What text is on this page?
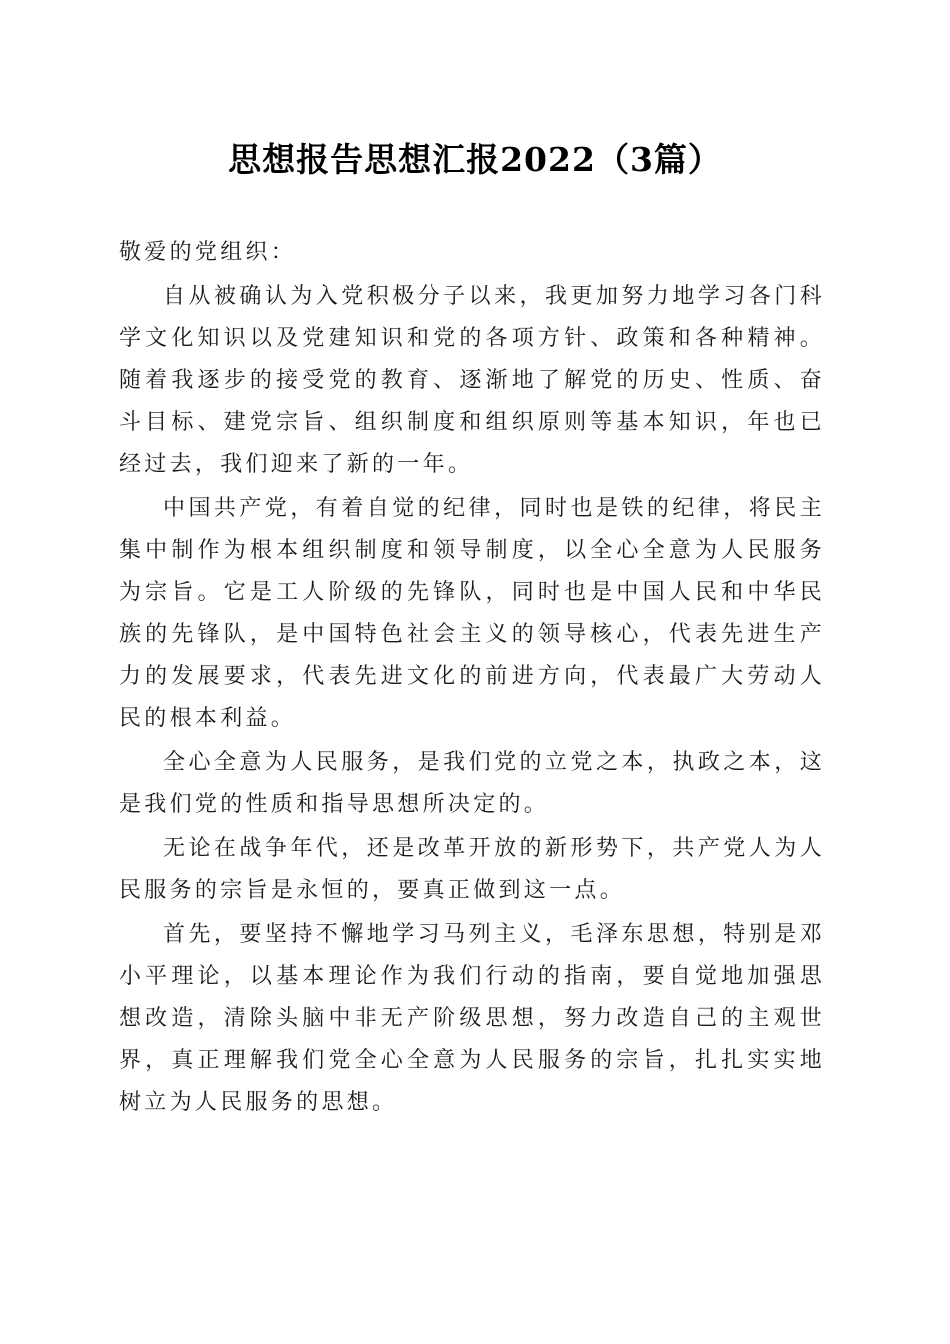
思想报告思想汇报2022（3篇）

敬爱的党组织：

自从被确认为入党积极分子以来，我更加努力地学习各门科学文化知识以及党建知识和党的各项方针、政策和各种精神。随着我逐步的接受党的教育、逐渐地了解党的历史、性质、奋斗目标、建党宗旨、组织制度和组织原则等基本知识，年也已经过去，我们迎来了新的一年。

中国共产党，有着自觉的纪律，同时也是铁的纪律，将民主集中制作为根本组织制度和领导制度，以全心全意为人民服务为宗旨。它是工人阶级的先锋队，同时也是中国人民和中华民族的先锋队，是中国特色社会主义的领导核心，代表先进生产力的发展要求，代表先进文化的前进方向，代表最广大劳动人民的根本利益。

全心全意为人民服务，是我们党的立党之本，执政之本，这是我们党的性质和指导思想所决定的。

无论在战争年代，还是改革开放的新形势下，共产党人为人民服务的宗旨是永恒的，要真正做到这一点。

首先，要坚持不懈地学习马列主义，毛泽东思想，特别是邓小平理论，以基本理论作为我们行动的指南，要自觉地加强思想改造，清除头脑中非无产阶级思想，努力改造自己的主观世界，真正理解我们党全心全意为人民服务的宗旨，扎扎实实地树立为人民服务的思想。
